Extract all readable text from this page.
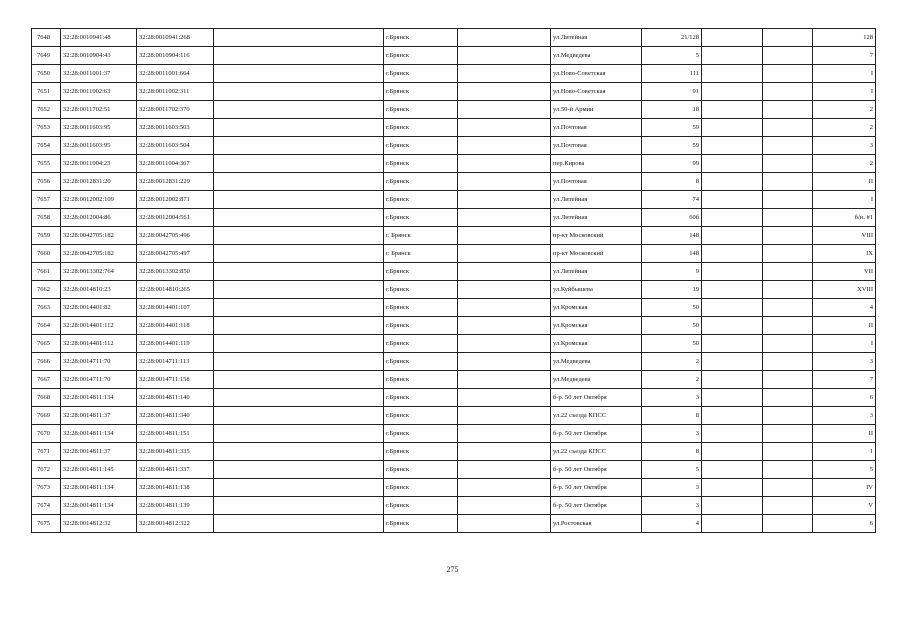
7648	32:28:0010941:48	32:28:0010941:268		г.Брянск		ул.Литейная	21/128			128
7649	32:28:0010904:43	32:28:0010904:116		г.Брянск		ул.Медведева	5			7
7650	32:28:0011001:37	32:28:0011001:664		г.Брянск		ул.Ново-Советская	111			I
7651	32:28:0011002:63	32:28:0011002:311		г.Брянск		ул.Ново-Советская	91			I
7652	32:28:0011702:51	32:28:0011702:370		г.Брянск		ул.50-й Армии	18			2
7653	32:28:0011603:95	32:28:0011603:503		г.Брянск		ул.Почтовая	59			2
7654	32:28:0011603:95	32:28:0011603:504		г.Брянск		ул.Почтовая	59			3
7655	32:28:0011004:23	32:28:0011004:367		г.Брянск		пер.Кирова	99			2
7656	32:28:0012831:20	32:28:0012831:229		г.Брянск		ул.Почтовая	8			II
7657	32:28:0012002:109	32:28:0012002:871		г.Брянск		ул.Литейная	74			I
7658	32:28:0012004:86	32:28:0012004:561		г.Брянск		ул.Литейная	60б			б/н. #1
7659	32:28:0042705:182	32:28:0042705:496		г. Брянск		пр-кт Московский	148			VIII
7660	32:28:0042705:182	32:28:0042705:497		г. Брянск		пр-кт Московский	148			IX
7661	32:28:0013302:764	32:28:0013302:850		г.Брянск		ул.Литейная	9			VII
7662	32:28:0014810:23	32:28:0014810:265		г.Брянск		ул.Куйбышева	19			XVIII
7663	32:28:0014401:82	32:28:0014401:107		г.Брянск		ул.Кромская	50			4
7664	32:28:0014401:112	32:28:0014401:118		г.Брянск		ул.Кромская	50			II
7665	32:28:0014401:112	32:28:0014401:119		г.Брянск		ул.Кромская	50			I
7666	32:28:0014711:70	32:28:0014711:113		г.Брянск		ул.Медведева	2			3
7667	32:28:0014711:70	32:28:0014711:158		г.Брянск		ул.Медведева	2			7
7668	32:28:0014811:134	32:28:0014811:140		г.Брянск		б-р. 50 лет Октября	3			6
7669	32:28:0014811:37	32:28:0014811:340		г.Брянск		ул.22 съезда КПСС	8			3
7670	32:28:0014811:134	32:28:0014811:151		г.Брянск		б-р. 50 лет Октября	3			II
7671	32:28:0014811:37	32:28:0014811:335		г.Брянск		ул.22 съезда КПСС	8			1
7672	32:28:0014811:145	32:28:0014811:337		г.Брянск		б-р. 50 лет Октября	5			5
7673	32:28:0014811:134	32:28:0014811:138		г.Брянск		б-р. 50 лет Октября	3			IV
7674	32:28:0014811:134	32:28:0014811:139		г.Брянск		б-р. 50 лет Октября	3			V
7675	32:28:0014812:32	32:28:0014812:322		г.Брянск		ул.Ростовская	4			6
275
